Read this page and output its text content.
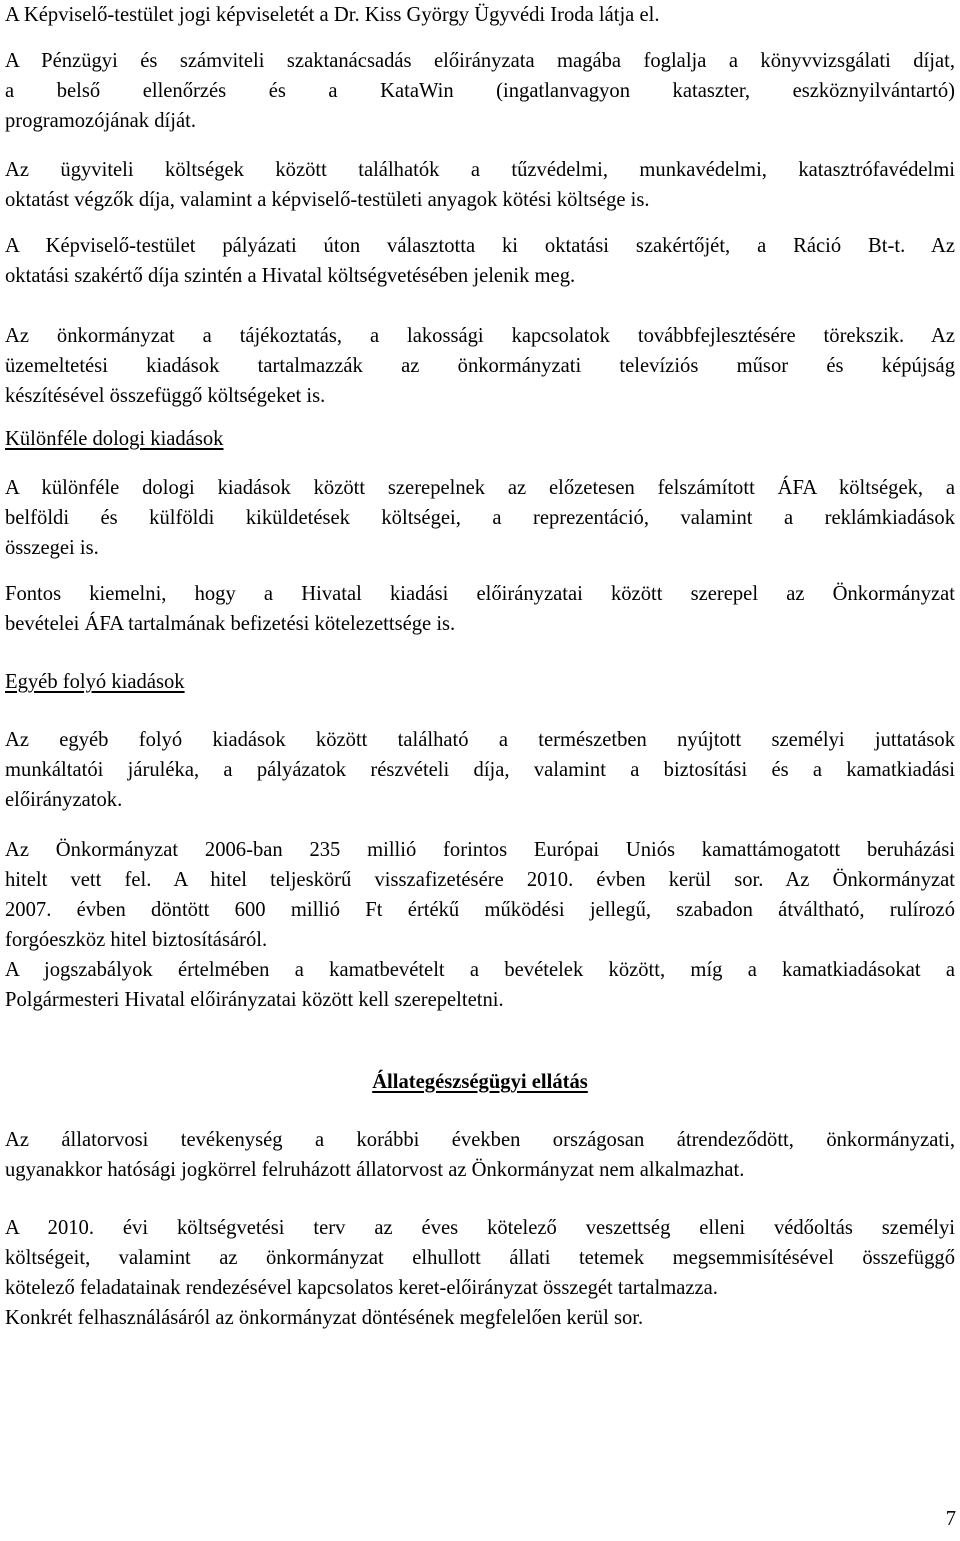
A Képviselő-testület jogi képviseletét a Dr. Kiss György Ügyvédi Iroda látja el.
A Pénzügyi és számviteli szaktanácsadás előirányzata magába foglalja a könyvvizsgálati díjat,
a belső ellenőrzés és a KataWin (ingatlanvagyon kataszter, eszköznyilvántartó)
programozójának díját.
Az ügyviteli költségek között találhatók a tűzvédelmi, munkavédelmi, katasztrófavédelmi
oktatást végzők díja, valamint a képviselő-testületi anyagok kötési költsége is.
A Képviselő-testület pályázati úton választotta ki oktatási szakértőjét, a Ráció Bt-t. Az
oktatási szakértő díja szintén a Hivatal költségvetésében jelenik meg.
Az önkormányzat a tájékoztatás, a lakossági kapcsolatok továbbfejlesztésére törekszik. Az
üzemeltetési kiadások tartalmazzák az önkormányzati televíziós műsor és képújság
készítésével összefüggő költségeket is.
Különféle dologi kiadások
A különféle dologi kiadások között szerepelnek az előzetesen felszámított ÁFA költségek, a
belföldi és külföldi kiküldetések költségei, a reprezentáció, valamint a reklámkiadások
összegei is.
Fontos kiemelni, hogy a Hivatal kiadási előirányzatai között szerepel az Önkormányzat
bevételei ÁFA tartalmának befizetési kötelezettsége is.
Egyéb folyó kiadások
Az egyéb folyó kiadások között található a természetben nyújtott személyi juttatások
munkáltatói járuléka, a pályázatok részvételi díja, valamint a biztosítási és a kamatkiadási
előirányzatok.
Az Önkormányzat 2006-ban 235 millió forintos Európai Uniós kamattámogatott beruházási
hitelt vett fel. A hitel teljeskörű visszafizetésére 2010. évben kerül sor. Az Önkormányzat
2007. évben döntött 600 millió Ft értékű működési jellegű, szabadon átváltható, rulírozó
forgóeszköz hitel biztosításáról.
A jogszabályok értelmében a kamatbevételt a bevételek között, míg a kamatkiadásokat a
Polgármesteri Hivatal előirányzatai között kell szerepeltetni.
Állategészségügyi ellátás
Az állatorvosi tevékenység a korábbi években országosan átrendeződött, önkormányzati,
ugyanakkor hatósági jogkörrel felruházott állatorvost az Önkormányzat nem alkalmazhat.
A 2010. évi költségvetési terv az éves kötelező veszettség elleni védőoltás személyi
költségeit, valamint az önkormányzat elhullott állati tetemek megsemmisítésével összefüggő
kötelező feladatainak rendezésével kapcsolatos keret-előirányzat összegét tartalmazza.
Konkrét felhasználásáról az önkormányzat döntésének megfelelően kerül sor.
7
